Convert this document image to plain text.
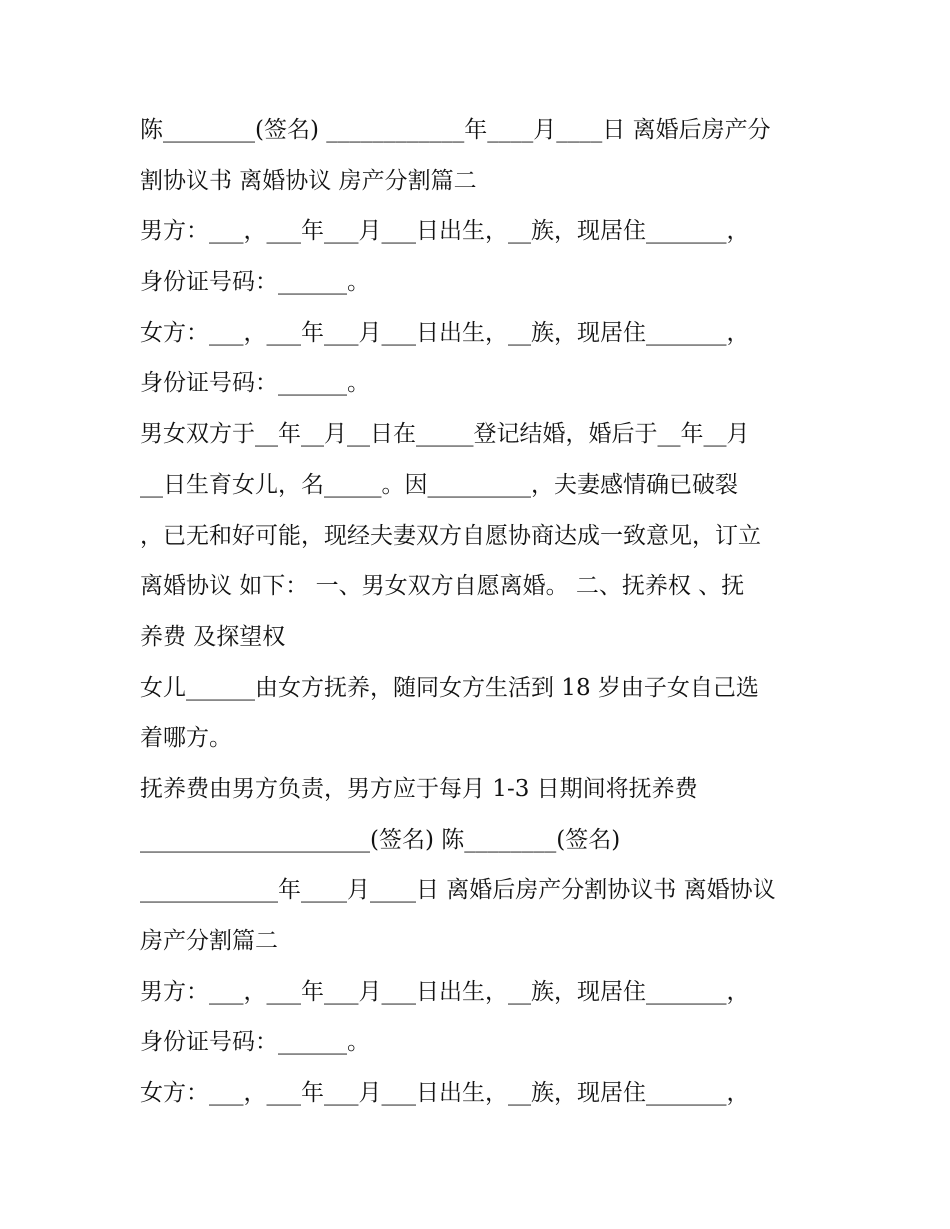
陈________(签名) ____________年____月____日 离婚后房产分
割协议书 离婚协议 房产分割篇二
男方：___，___年___月___日出生，__族，现居住_______，
身份证号码：______。
女方：___，___年___月___日出生，__族，现居住_______，
身份证号码：______。
男女双方于__年__月__日在_____登记结婚，婚后于__年__月
__日生育女儿，名_____。因_________，夫妻感情确已破裂
，已无和好可能，现经夫妻双方自愿协商达成一致意见，订立
离婚协议 如下： 一、男女双方自愿离婚。 二、抚养权 、抚
养费 及探望权
女儿______由女方抚养，随同女方生活到 18 岁由子女自己选
着哪方。
抚养费由男方负责，男方应于每月 1-3 日期间将抚养费
____________________(签名) 陈________(签名)
____________年____月____日 离婚后房产分割协议书 离婚协议
房产分割篇二
男方：___，___年___月___日出生，__族，现居住_______，
身份证号码：______。
女方：___，___年___月___日出生，__族，现居住_______，
